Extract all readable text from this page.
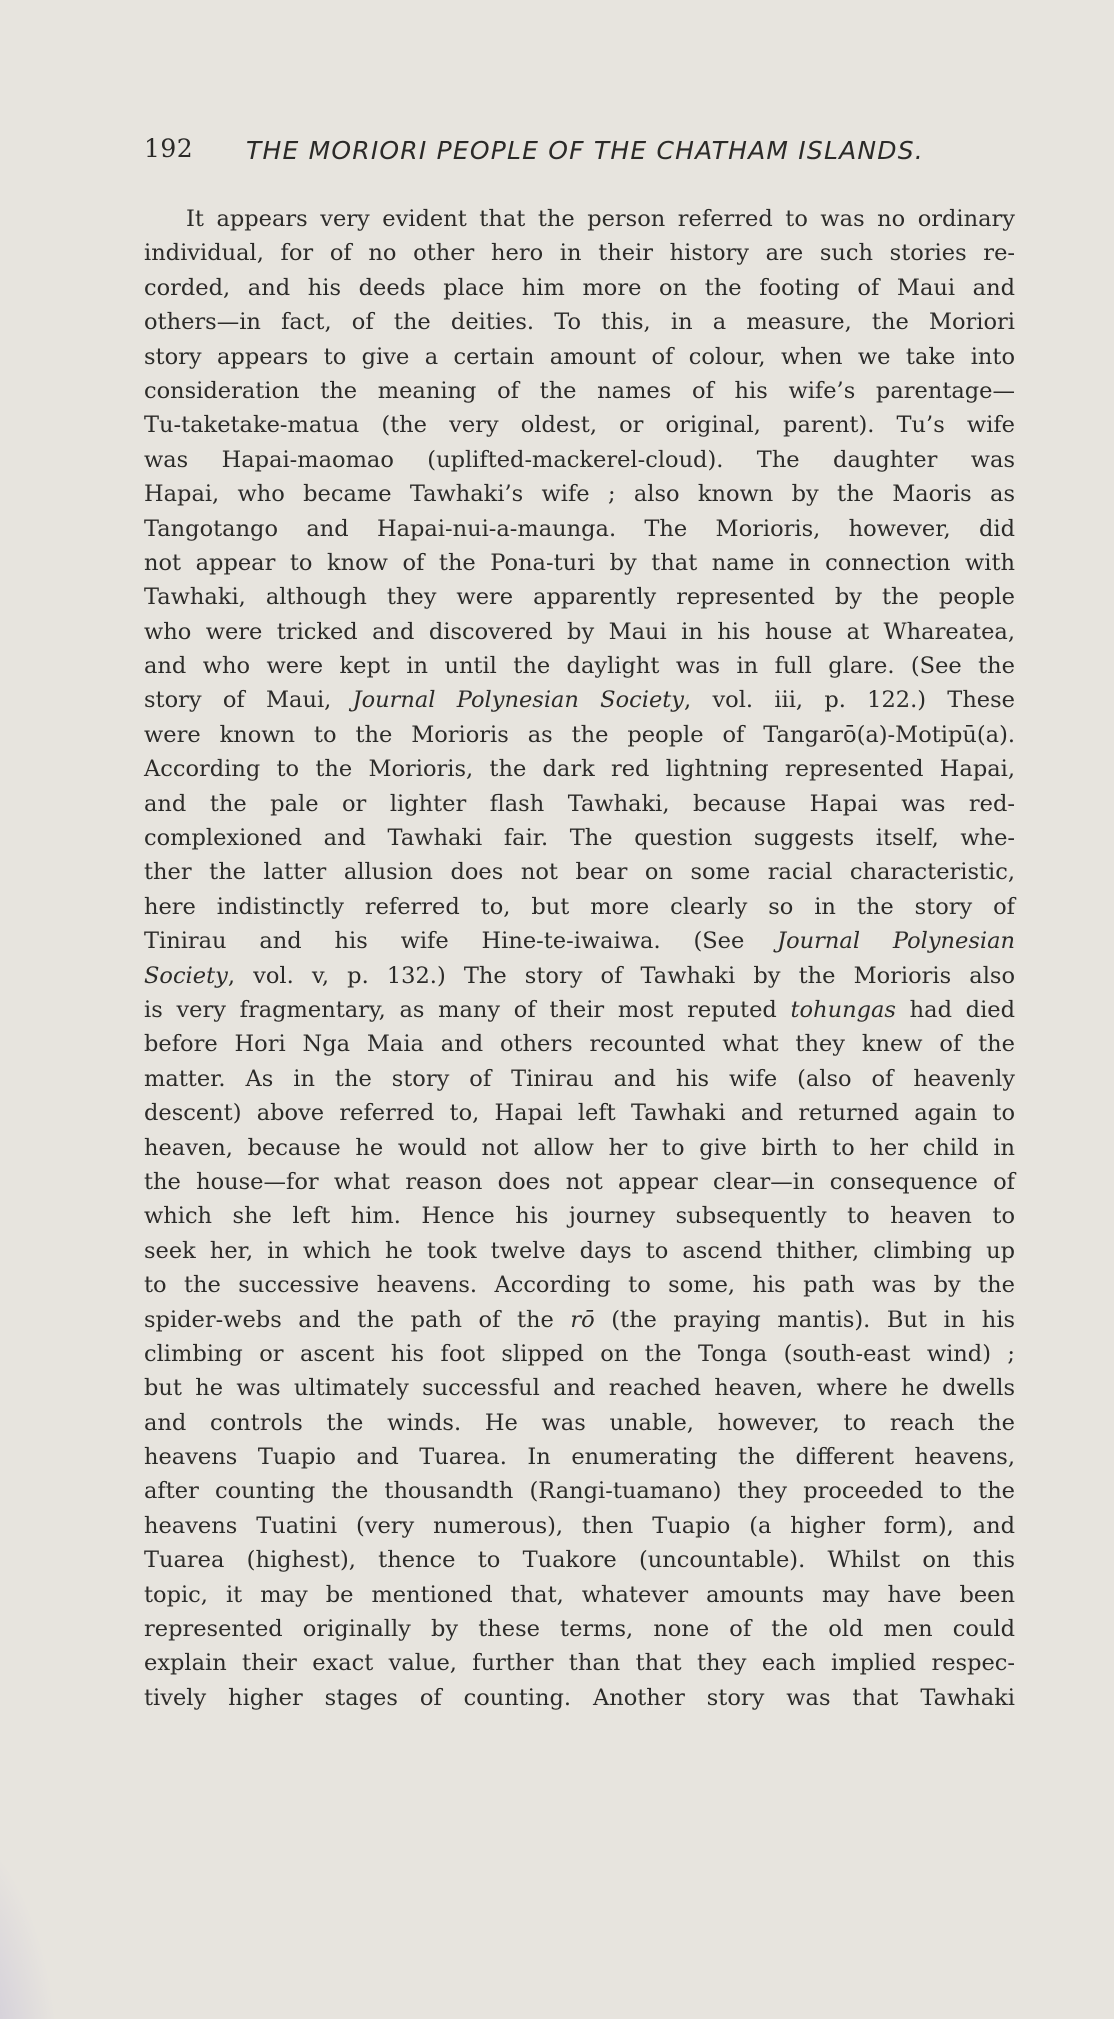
192 THE MORIORI PEOPLE OF THE CHATHAM ISLANDS.
It appears very evident that the person referred to was no ordinary
individual, for of no other hero in their history are such stories re-
corded, and his deeds place him more on the footing of Maui and
others—in fact, of the deities. To this, in a measure, the Moriori
story appears to give a certain amount of colour, when we take into
consideration the meaning of the names of his wife’s parentage—
Tu-taketake-matua (the very oldest, or original, parent). Tu’s wife
was Hapai-maomao (uplifted-mackerel-cloud). The daughter was
Hapai, who became Tawhaki’s wife ; also known by the Maoris as
Tangotango and Hapai-nui-a-maunga. The Morioris, however, did
not appear to know of the Pona-turi by that name in connection with
Tawhaki, although they were apparently represented by the people
who were tricked and discovered by Maui in his house at Whareatea,
and who were kept in until the daylight was in full glare. (See the
story of Maui, Journal Polynesian Society, vol. iii, p. 122.) These
were known to the Morioris as the people of Tangarō(a)-Motipū(a).
According to the Morioris, the dark red lightning represented Hapai,
and the pale or lighter flash Tawhaki, because Hapai was red-
complexioned and Tawhaki fair. The question suggests itself, whe-
ther the latter allusion does not bear on some racial characteristic,
here indistinctly referred to, but more clearly so in the story of
Tinirau and his wife Hine-te-iwaiwa. (See Journal Polynesian
Society, vol. v, p. 132.) The story of Tawhaki by the Morioris also
is very fragmentary, as many of their most reputed tohungas had died
before Hori Nga Maia and others recounted what they knew of the
matter. As in the story of Tinirau and his wife (also of heavenly
descent) above referred to, Hapai left Tawhaki and returned again to
heaven, because he would not allow her to give birth to her child in
the house—for what reason does not appear clear—in consequence of
which she left him. Hence his journey subsequently to heaven to
seek her, in which he took twelve days to ascend thither, climbing up
to the successive heavens. According to some, his path was by the
spider-webs and the path of the rō (the praying mantis). But in his
climbing or ascent his foot slipped on the Tonga (south-east wind) ;
but he was ultimately successful and reached heaven, where he dwells
and controls the winds. He was unable, however, to reach the
heavens Tuapio and Tuarea. In enumerating the different heavens,
after counting the thousandth (Rangi-tuamano) they proceeded to the
heavens Tuatini (very numerous), then Tuapio (a higher form), and
Tuarea (highest), thence to Tuakore (uncountable). Whilst on this
topic, it may be mentioned that, whatever amounts may have been
represented originally by these terms, none of the old men could
explain their exact value, further than that they each implied respec-
tively higher stages of counting. Another story was that Tawhaki
